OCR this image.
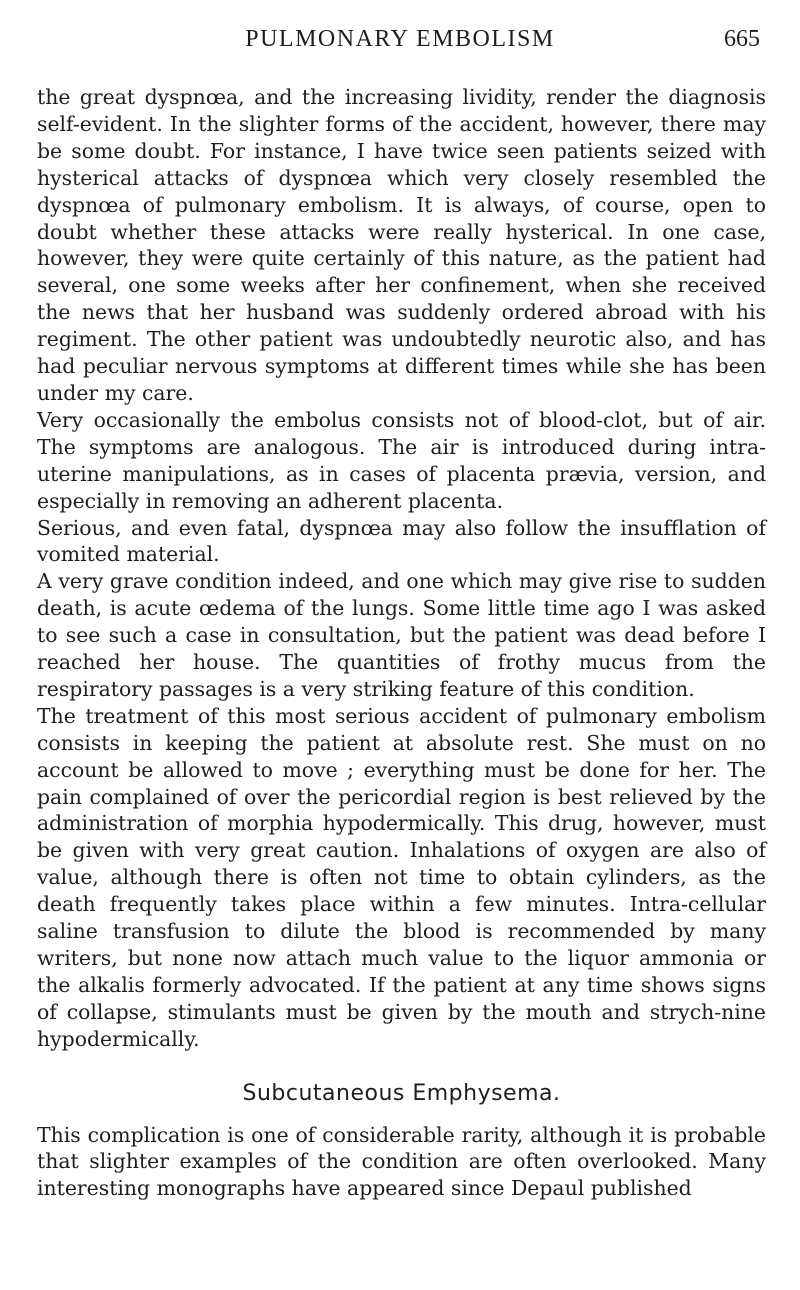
PULMONARY EMBOLISM	665

the great dyspnœa, and the increasing lividity, render the diagnosis self-evident. In the slighter forms of the accident, however, there may be some doubt. For instance, I have twice seen patients seized with hysterical attacks of dyspnœa which very closely resembled the dyspnœa of pulmonary embolism. It is always, of course, open to doubt whether these attacks were really hysterical. In one case, however, they were quite certainly of this nature, as the patient had several, one some weeks after her confinement, when she received the news that her husband was suddenly ordered abroad with his regiment. The other patient was undoubtedly neurotic also, and has had peculiar nervous symptoms at different times while she has been under my care.

Very occasionally the embolus consists not of blood-clot, but of air. The symptoms are analogous. The air is introduced during intra-uterine manipulations, as in cases of placenta prævia, version, and especially in removing an adherent placenta.

Serious, and even fatal, dyspnœa may also follow the insufflation of vomited material.

A very grave condition indeed, and one which may give rise to sudden death, is acute œdema of the lungs. Some little time ago I was asked to see such a case in consultation, but the patient was dead before I reached her house. The quantities of frothy mucus from the respiratory passages is a very striking feature of this condition.

The treatment of this most serious accident of pulmonary embolism consists in keeping the patient at absolute rest. She must on no account be allowed to move ; everything must be done for her. The pain complained of over the pericordial region is best relieved by the administration of morphia hypodermically. This drug, however, must be given with very great caution. Inhalations of oxygen are also of value, although there is often not time to obtain cylinders, as the death frequently takes place within a few minutes. Intra-cellular saline transfusion to dilute the blood is recommended by many writers, but none now attach much value to the liquor ammonia or the alkalis formerly advocated. If the patient at any time shows signs of collapse, stimulants must be given by the mouth and strych-nine hypodermically.

Subcutaneous Emphysema.

This complication is one of considerable rarity, although it is probable that slighter examples of the condition are often overlooked. Many interesting monographs have appeared since Depaul published
